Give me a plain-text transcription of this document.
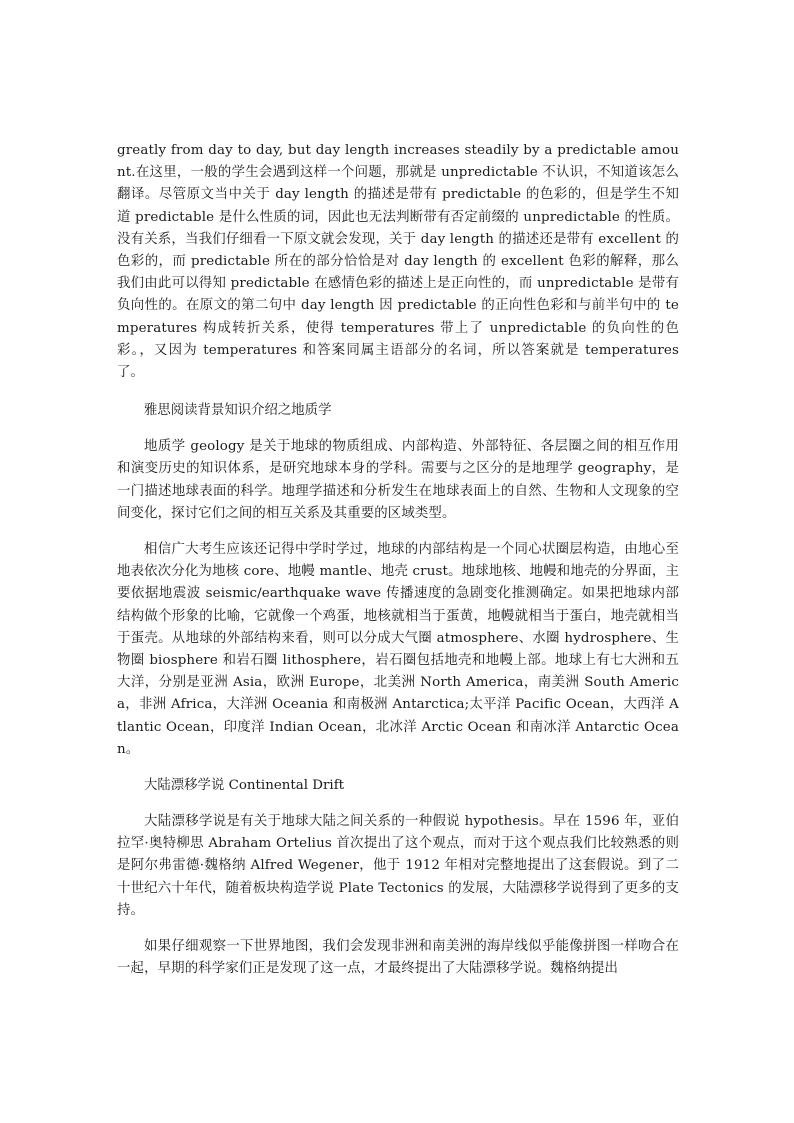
greatly from day to day, but day length increases steadily by a predictable amount.在这里，一般的学生会遇到这样一个问题，那就是 unpredictable 不认识，不知道该怎么翻译。尽管原文当中关于 day length 的描述是带有 predictable 的色彩的，但是学生不知道 predictable 是什么性质的词，因此也无法判断带有否定前缀的 unpredictable 的性质。没有关系，当我们仔细看一下原文就会发现，关于 day length 的描述还是带有 excellent 的色彩的，而 predictable 所在的部分恰恰是对 day length 的 excellent 色彩的解释，那么我们由此可以得知 predictable 在感情色彩的描述上是正向性的，而 unpredictable 是带有负向性的。在原文的第二句中 day length 因 predictable 的正向性色彩和与前半句中的 temperatures 构成转折关系，使得 temperatures 带上了 unpredictable 的负向性的色彩。，又因为 temperatures 和答案同属主语部分的名词，所以答案就是 temperatures 了。

雅思阅读背景知识介绍之地质学

地质学 geology 是关于地球的物质组成、内部构造、外部特征、各层圈之间的相互作用和演变历史的知识体系，是研究地球本身的学科。需要与之区分的是地理学 geography，是一门描述地球表面的科学。地理学描述和分析发生在地球表面上的自然、生物和人文现象的空间变化，探讨它们之间的相互关系及其重要的区域类型。

相信广大考生应该还记得中学时学过，地球的内部结构是一个同心状圈层构造，由地心至地表依次分化为地核 core、地幔 mantle、地壳 crust。地球地核、地幔和地壳的分界面，主要依据地震波 seismic/earthquake wave 传播速度的急剧变化推测确定。如果把地球内部结构做个形象的比喻，它就像一个鸡蛋，地核就相当于蛋黄，地幔就相当于蛋白，地壳就相当于蛋壳。从地球的外部结构来看，则可以分成大气圈 atmosphere、水圈 hydrosphere、生物圈 biosphere 和岩石圈 lithosphere，岩石圈包括地壳和地幔上部。地球上有七大洲和五大洋，分别是亚洲 Asia，欧洲 Europe，北美洲 North America，南美洲 South America，非洲 Africa，大洋洲 Oceania 和南极洲 Antarctica;太平洋 Pacific Ocean，大西洋 Atlantic Ocean，印度洋 Indian Ocean，北冰洋 Arctic Ocean 和南冰洋 Antarctic Ocean。

大陆漂移学说 Continental Drift

大陆漂移学说是有关于地球大陆之间关系的一种假说 hypothesis。早在 1596 年，亚伯拉罕·奥特柳思 Abraham Ortelius 首次提出了这个观点，而对于这个观点我们比较熟悉的则是阿尔弗雷德·魏格纳 Alfred Wegener，他于 1912 年相对完整地提出了这套假说。到了二十世纪六十年代，随着板块构造学说 Plate Tectonics 的发展，大陆漂移学说得到了更多的支持。

如果仔细观察一下世界地图，我们会发现非洲和南美洲的海岸线似乎能像拼图一样吻合在一起，早期的科学家们正是发现了这一点，才最终提出了大陆漂移学说。魏格纳提出
